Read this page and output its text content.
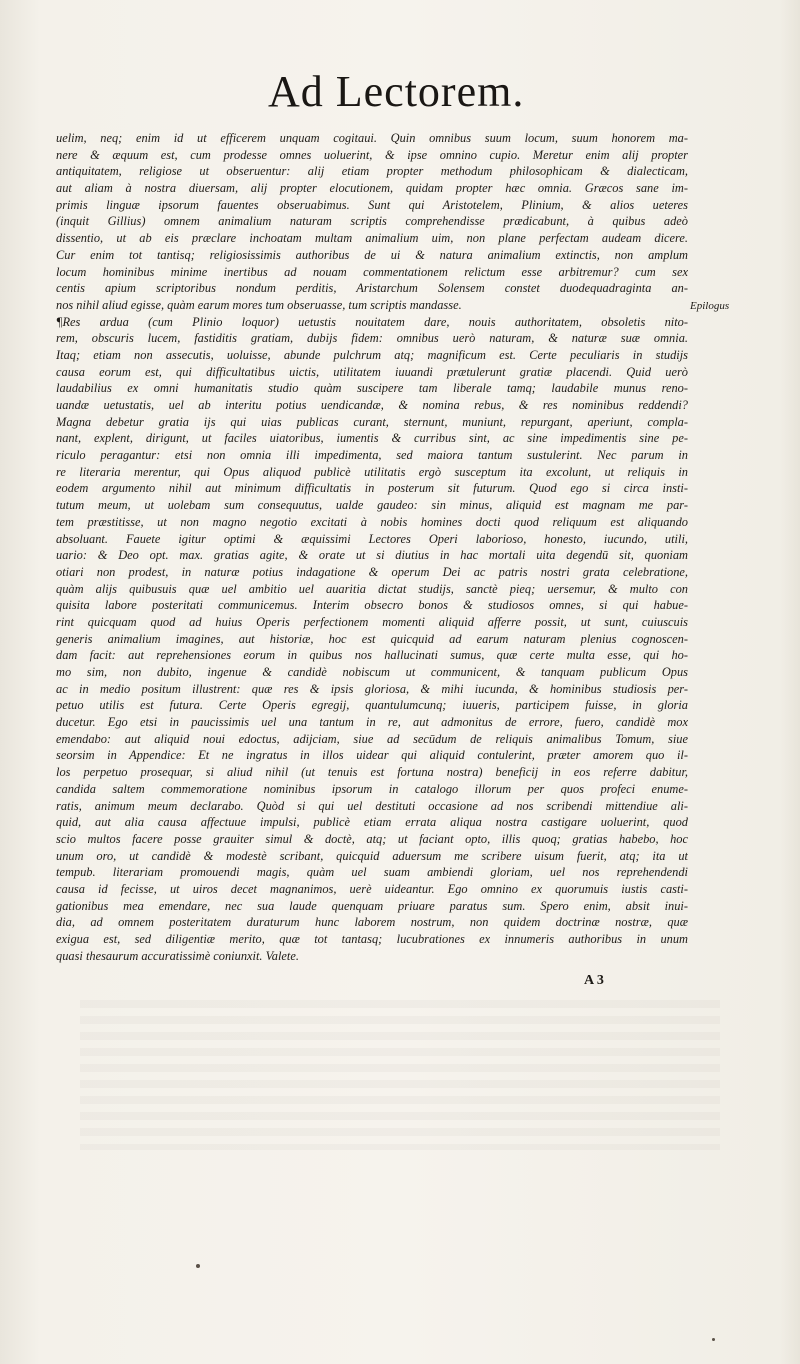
Ad Lectorem.
Epilogus
uelim, neq; enim id ut efficerem unquam cogitaui. Quin omnibus suum locum, suum honorem ma-
nere & æquum est, cum prodesse omnes uoluerint, & ipse omnino cupio. Meretur enim alij propter
antiquitatem, religiose ut obseruentur: alij etiam propter methodum philosophicam & dialecticam,
aut aliam à nostra diuersam, alij propter elocutionem, quidam propter hæc omnia. Græcos sane im-
primis linguæ ipsorum fauentes obseruabimus. Sunt qui Aristotelem, Plinium, & alios ueteres
(inquit Gillius) omnem animalium naturam scriptis comprehendisse prædicabunt, à quibus adeò
dissentio, ut ab eis præclare inchoatam multam animalium uim, non plane perfectam audeam dicere.
Cur enim tot tantisq; religiosissimis authoribus de ui & natura animalium extinctis, non amplum
locum hominibus minime inertibus ad nouam commentationem relictum esse arbitremur? cum sex
centis apium scriptoribus nondum perditis, Aristarchum Solensem constet duodequadraginta an-
nos nihil aliud egisse, quàm earum mores tum obseruasse, tum scriptis mandasse.
¶Res ardua (cum Plinio loquor) uetustis nouitatem dare, nouis authoritatem, obsoletis nito-
rem, obscuris lucem, fastiditis gratiam, dubijs fidem: omnibus uerò naturam, & naturæ suæ omnia.
Itaq; etiam non assecutis, uoluisse, abunde pulchrum atq; magnificum est. Certe peculiaris in studijs
causa eorum est, qui difficultatibus uictis, utilitatem iuuandi prætulerunt gratiæ placendi. Quid uerò
laudabilius ex omni humanitatis studio quàm suscipere tam liberale tamq; laudabile munus reno-
uandæ uetustatis, uel ab interitu potius uendicandæ, & nomina rebus, & res nominibus reddendi?
Magna debetur gratia ijs qui uias publicas curant, sternunt, muniunt, repurgant, aperiunt, compla-
nant, explent, dirigunt, ut faciles uiatoribus, iumentis & curribus sint, ac sine impedimentis sine pe-
riculo peragantur: etsi non omnia illi impedimenta, sed maiora tantum sustulerint. Nec parum in
re literaria merentur, qui Opus aliquod publicè utilitatis ergò susceptum ita excolunt, ut reliquis in
eodem argumento nihil aut minimum difficultatis in posterum sit futurum. Quod ego si circa insti-
tutum meum, ut uolebam sum consequutus, ualde gaudeo: sin minus, aliquid est magnam me par-
tem præstitisse, ut non magno negotio excitati à nobis homines docti quod reliquum est aliquando
absoluant. Fauete igitur optimi & æquissimi Lectores Operi laborioso, honesto, iucundo, utili,
uario: & Deo opt. max. gratias agite, & orate ut si diutius in hac mortali uita degendū sit, quoniam
otiari non prodest, in naturæ potius indagatione & operum Dei ac patris nostri grata celebratione,
quàm alijs quibusuis quæ uel ambitio uel auaritia dictat studijs, sanctè pieq; uersemur, & multo con
quisita labore posteritati communicemus. Interim obsecro bonos & studiosos omnes, si qui habue-
rint quicquam quod ad huius Operis perfectionem momenti aliquid afferre possit, ut sunt, cuiuscuis
generis animalium imagines, aut historiæ, hoc est quicquid ad earum naturam plenius cognoscen-
dam facit: aut reprehensiones eorum in quibus nos hallucinati sumus, quæ certe multa esse, qui ho-
mo sim, non dubito, ingenue & candidè nobiscum ut communicent, & tanquam publicum Opus
ac in medio positum illustrent: quæ res & ipsis gloriosa, & mihi iucunda, & hominibus studiosis per-
petuo utilis est futura. Certe Operis egregij, quantulumcunq; iuueris, participem fuisse, in gloria
ducetur. Ego etsi in paucissimis uel una tantum in re, aut admonitus de errore, fuero, candidè mox
emendabo: aut aliquid noui edoctus, adijciam, siue ad secūdum de reliquis animalibus Tomum, siue
seorsim in Appendice: Et ne ingratus in illos uidear qui aliquid contulerint, præter amorem quo il-
los perpetuo prosequar, si aliud nihil (ut tenuis est fortuna nostra) beneficij in eos referre dabitur,
candida saltem commemoratione nominibus ipsorum in catalogo illorum per quos profeci enume-
ratis, animum meum declarabo. Quòd si qui uel destituti occasione ad nos scribendi mittendiue ali-
quid, aut alia causa affectuue impulsi, publicè etiam errata aliqua nostra castigare uoluerint, quod
scio multos facere posse grauiter simul & doctè, atq; ut faciant opto, illis quoq; gratias habebo, hoc
unum oro, ut candidè & modestè scribant, quicquid aduersum me scribere uisum fuerit, atq; ita ut
tempub. literariam promouendi magis, quàm uel suam ambiendi gloriam, uel nos reprehendendi
causa id fecisse, ut uiros decet magnanimos, uerè uideantur. Ego omnino ex quorumuis iustis casti-
gationibus mea emendare, nec sua laude quenquam priuare paratus sum. Spero enim, absit inui-
dia, ad omnem posteritatem duraturum hunc laborem nostrum, non quidem doctrinæ nostræ, quæ
exigua est, sed diligentiæ merito, quæ tot tantasq; lucubrationes ex innumeris authoribus in unum
quasi thesaurum accuratissimè coniunxit. Valete.
A 3
